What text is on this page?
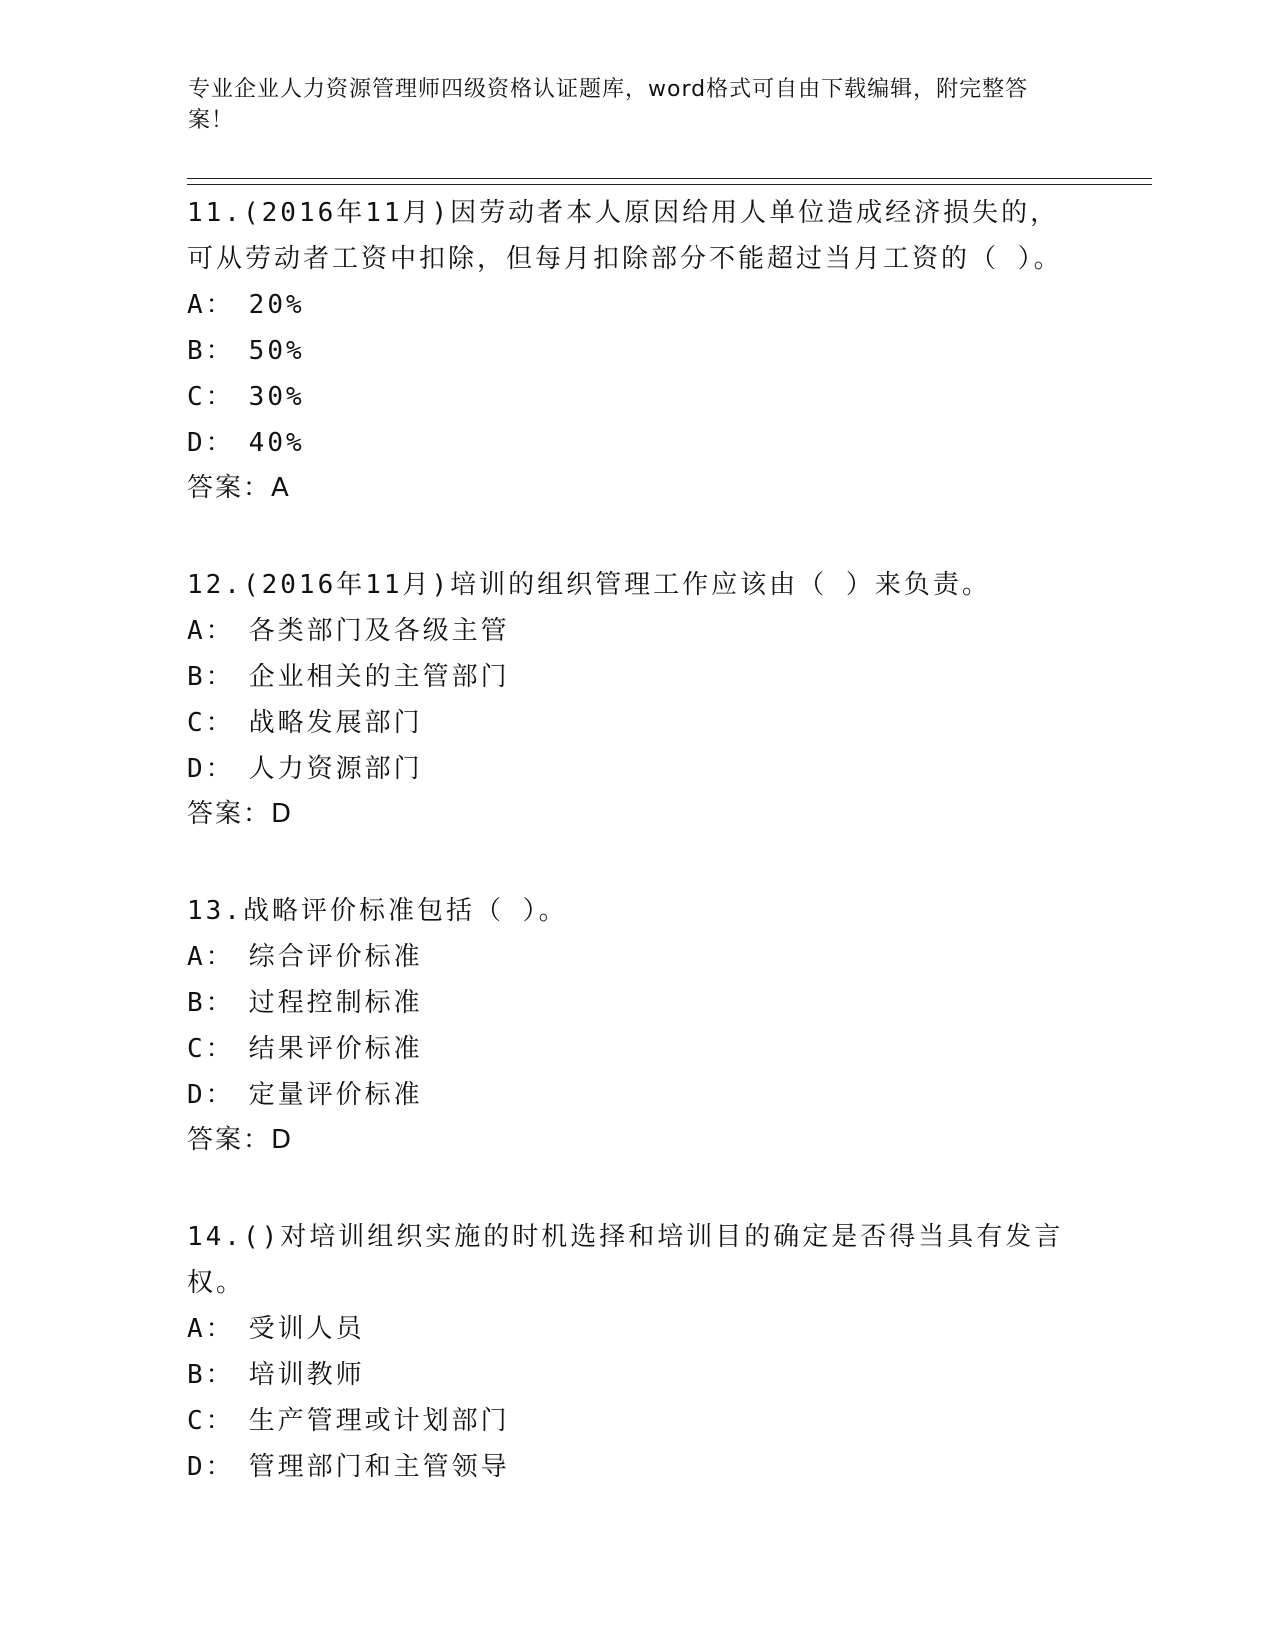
专业企业人力资源管理师四级资格认证题库，word格式可自由下载编辑，附完整答案！
11.(2016年11月)因劳动者本人原因给用人单位造成经济损失的，可从劳动者工资中扣除，但每月扣除部分不能超过当月工资的（ ）。
A： 20%
B： 50%
C： 30%
D： 40%
答案：A
12.(2016年11月)培训的组织管理工作应该由（ ）来负责。
A： 各类部门及各级主管
B： 企业相关的主管部门
C： 战略发展部门
D： 人力资源部门
答案：D
13.战略评价标准包括（ ）。
A： 综合评价标准
B： 过程控制标准
C： 结果评价标准
D： 定量评价标准
答案：D
14.()对培训组织实施的时机选择和培训目的确定是否得当具有发言权。
A： 受训人员
B： 培训教师
C： 生产管理或计划部门
D： 管理部门和主管领导
